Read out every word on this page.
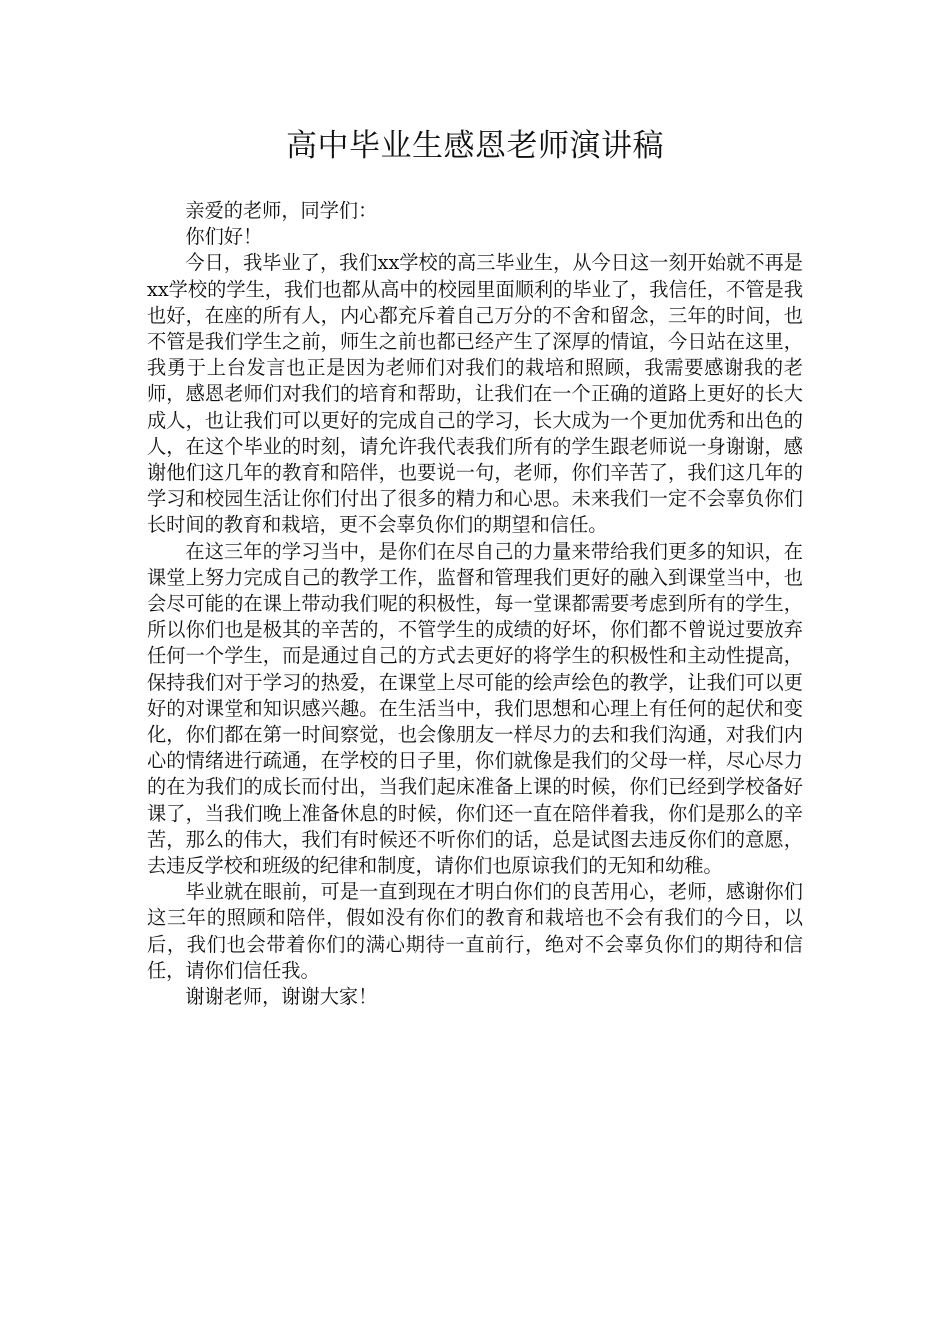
高中毕业生感恩老师演讲稿

亲爱的老师，同学们：

你们好！

今日，我毕业了，我们xx学校的高三毕业生，从今日这一刻开始就不再是xx学校的学生，我们也都从高中的校园里面顺利的毕业了，我信任，不管是我也好，在座的所有人，内心都充斥着自己万分的不舍和留念，三年的时间，也不管是我们学生之前，师生之前也都已经产生了深厚的情谊，今日站在这里，我勇于上台发言也正是因为老师们对我们的栽培和照顾，我需要感谢我的老师，感恩老师们对我们的培育和帮助，让我们在一个正确的道路上更好的长大成人，也让我们可以更好的完成自己的学习，长大成为一个更加优秀和出色的人，在这个毕业的时刻，请允许我代表我们所有的学生跟老师说一身谢谢，感谢他们这几年的教育和陪伴，也要说一句，老师，你们辛苦了，我们这几年的学习和校园生活让你们付出了很多的精力和心思。未来我们一定不会辜负你们长时间的教育和栽培，更不会辜负你们的期望和信任。

在这三年的学习当中，是你们在尽自己的力量来带给我们更多的知识，在课堂上努力完成自己的教学工作，监督和管理我们更好的融入到课堂当中，也会尽可能的在课上带动我们呢的积极性，每一堂课都需要考虑到所有的学生，所以你们也是极其的辛苦的，不管学生的成绩的好坏，你们都不曾说过要放弃任何一个学生，而是通过自己的方式去更好的将学生的积极性和主动性提高，保持我们对于学习的热爱，在课堂上尽可能的绘声绘色的教学，让我们可以更好的对课堂和知识感兴趣。在生活当中，我们思想和心理上有任何的起伏和变化，你们都在第一时间察觉，也会像朋友一样尽力的去和我们沟通，对我们内心的情绪进行疏通，在学校的日子里，你们就像是我们的父母一样，尽心尽力的在为我们的成长而付出，当我们起床准备上课的时候，你们已经到学校备好课了，当我们晚上准备休息的时候，你们还一直在陪伴着我，你们是那么的辛苦，那么的伟大，我们有时候还不听你们的话，总是试图去违反你们的意愿，去违反学校和班级的纪律和制度，请你们也原谅我们的无知和幼稚。

毕业就在眼前，可是一直到现在才明白你们的良苦用心，老师，感谢你们这三年的照顾和陪伴，假如没有你们的教育和栽培也不会有我们的今日，以后，我们也会带着你们的满心期待一直前行，绝对不会辜负你们的期待和信任，请你们信任我。

谢谢老师，谢谢大家！
